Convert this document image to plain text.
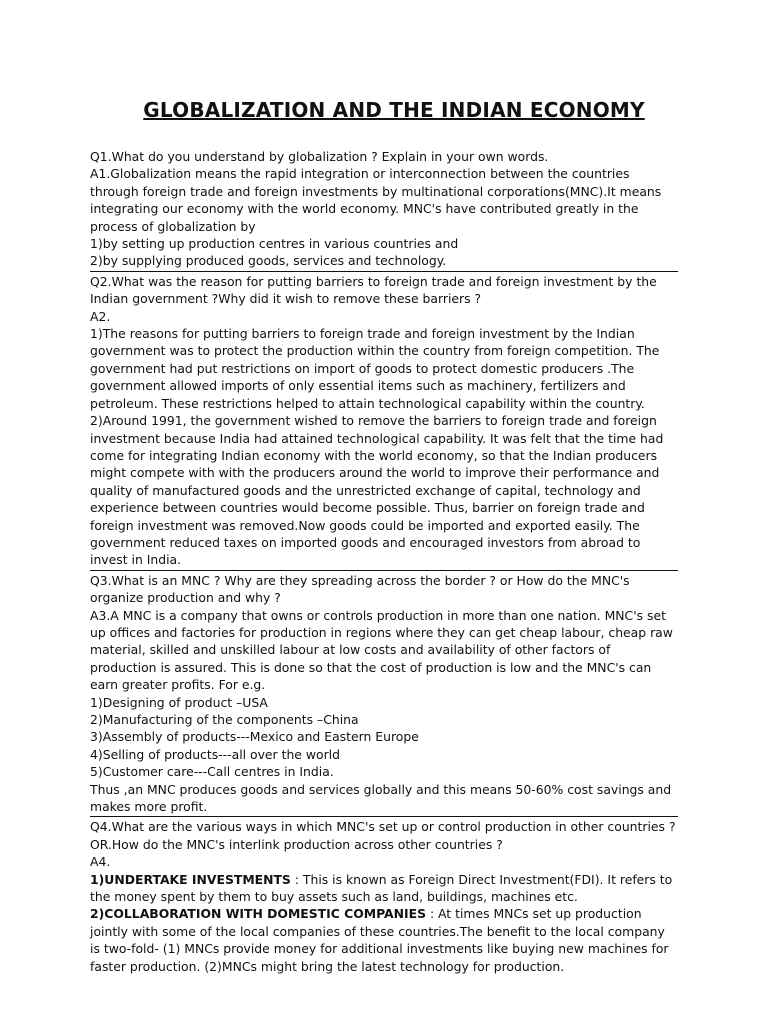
GLOBALIZATION AND THE INDIAN ECONOMY

Q1.What do you understand by globalization ? Explain in your own words.

A1.Globalization means the rapid integration or interconnection between the countries through foreign trade and foreign investments by multinational corporations(MNC).It means integrating our economy with the world economy. MNC's have contributed greatly in the process of globalization by

1)by setting up production centres in various countries and

2)by supplying produced goods, services and technology.

Q2.What was the reason for putting barriers to foreign trade and foreign investment by the Indian government ?Why did it wish to remove these barriers ?

A2.

1)The reasons for putting barriers to foreign trade and foreign investment by the Indian government was to protect the production within the country from foreign competition. The government had put restrictions on import of goods to protect domestic producers .The government allowed imports of only essential items such as machinery, fertilizers and petroleum. These restrictions helped to attain technological capability within the country.

2)Around 1991, the government wished to remove the barriers to foreign trade and foreign investment because India had attained technological capability. It was felt that the time had come for integrating Indian economy with the world economy, so that the Indian producers might compete with with the producers around the world to improve their performance and quality of manufactured goods and the unrestricted exchange of capital, technology and experience between countries would become possible. Thus, barrier on foreign trade and foreign investment was removed.Now goods could be imported and exported easily. The government reduced taxes on imported goods and encouraged investors from abroad to invest in India.

Q3.What is an MNC ? Why are they spreading across the border ? or How do the MNC's organize production and why ?

A3.A MNC is a company that owns or controls production in more than one nation. MNC's set up offices and factories for production in regions where they can get cheap labour, cheap raw material, skilled and unskilled labour at low costs and availability of other factors of production is assured. This is done so that the cost of production is low and the MNC's can earn greater profits. For e.g.

1)Designing of product –USA

2)Manufacturing of the components –China

3)Assembly of products---Mexico and Eastern Europe

4)Selling of products---all over the world

5)Customer care---Call centres in India.

Thus ,an MNC produces goods and services globally and this means 50-60% cost savings and makes more profit.

Q4.What are the various ways in which MNC's set up or control production in other countries ? OR.How do the MNC's interlink production across other countries ?

A4.

1)UNDERTAKE INVESTMENTS : This is known as Foreign Direct Investment(FDI). It refers to the money spent by them to buy assets such as land, buildings, machines etc.

2)COLLABORATION WITH DOMESTIC COMPANIES : At times MNCs set up production jointly with some of the local companies of these countries.The benefit to the local company is two-fold- (1) MNCs provide money for additional investments like buying new machines for faster production. (2)MNCs might bring the latest technology for production.
